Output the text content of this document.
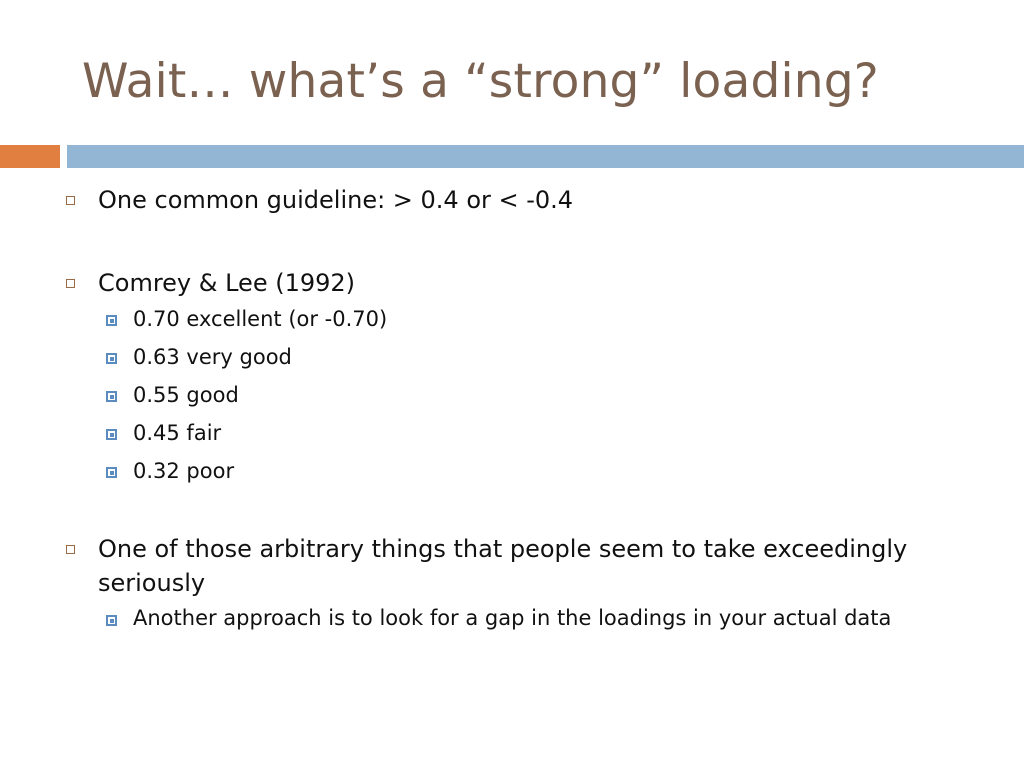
Wait… what’s a “strong” loading?
One common guideline: > 0.4 or < -0.4
Comrey & Lee (1992)
0.70 excellent (or -0.70)
0.63 very good
0.55 good
0.45 fair
0.32 poor
One of those arbitrary things that people seem to take exceedingly seriously
Another approach is to look for a gap in the loadings in your actual data
